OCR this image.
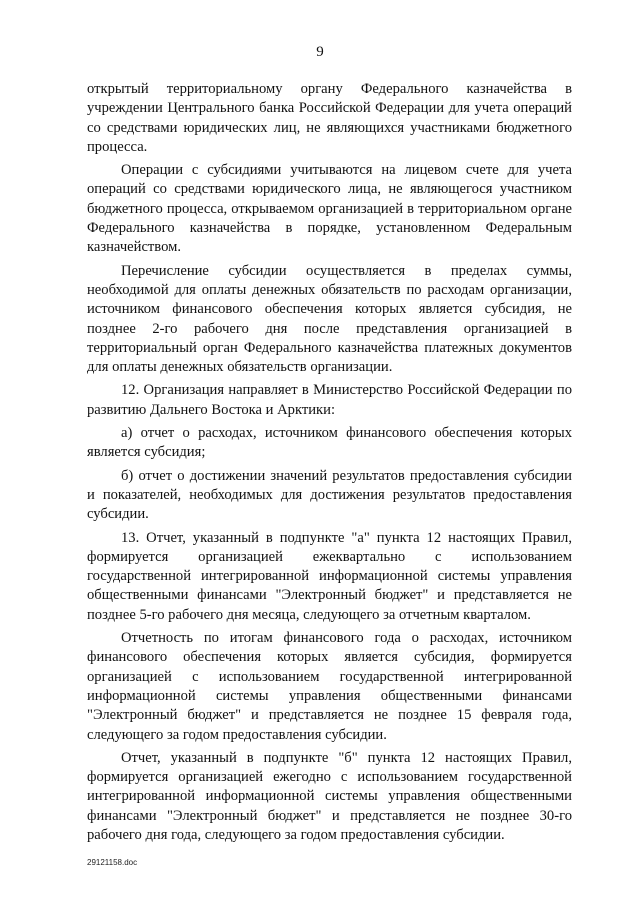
9

открытый территориальному органу Федерального казначейства в учреждении Центрального банка Российской Федерации для учета операций со средствами юридических лиц, не являющихся участниками бюджетного процесса.

Операции с субсидиями учитываются на лицевом счете для учета операций со средствами юридического лица, не являющегося участником бюджетного процесса, открываемом организацией в территориальном органе Федерального казначейства в порядке, установленном Федеральным казначейством.

Перечисление субсидии осуществляется в пределах суммы, необходимой для оплаты денежных обязательств по расходам организации, источником финансового обеспечения которых является субсидия, не позднее 2-го рабочего дня после представления организацией в территориальный орган Федерального казначейства платежных документов для оплаты денежных обязательств организации.

12. Организация направляет в Министерство Российской Федерации по развитию Дальнего Востока и Арктики:

а) отчет о расходах, источником финансового обеспечения которых является субсидия;

б) отчет о достижении значений результатов предоставления субсидии и показателей, необходимых для достижения результатов предоставления субсидии.

13. Отчет, указанный в подпункте "а" пункта 12 настоящих Правил, формируется организацией ежеквартально с использованием государственной интегрированной информационной системы управления общественными финансами "Электронный бюджет" и представляется не позднее 5-го рабочего дня месяца, следующего за отчетным кварталом.

Отчетность по итогам финансового года о расходах, источником финансового обеспечения которых является субсидия, формируется организацией с использованием государственной интегрированной информационной системы управления общественными финансами "Электронный бюджет" и представляется не позднее 15 февраля года, следующего за годом предоставления субсидии.

Отчет, указанный в подпункте "б" пункта 12 настоящих Правил, формируется организацией ежегодно с использованием государственной интегрированной информационной системы управления общественными финансами "Электронный бюджет" и представляется не позднее 30-го рабочего дня года, следующего за годом предоставления субсидии.

29121158.doc
